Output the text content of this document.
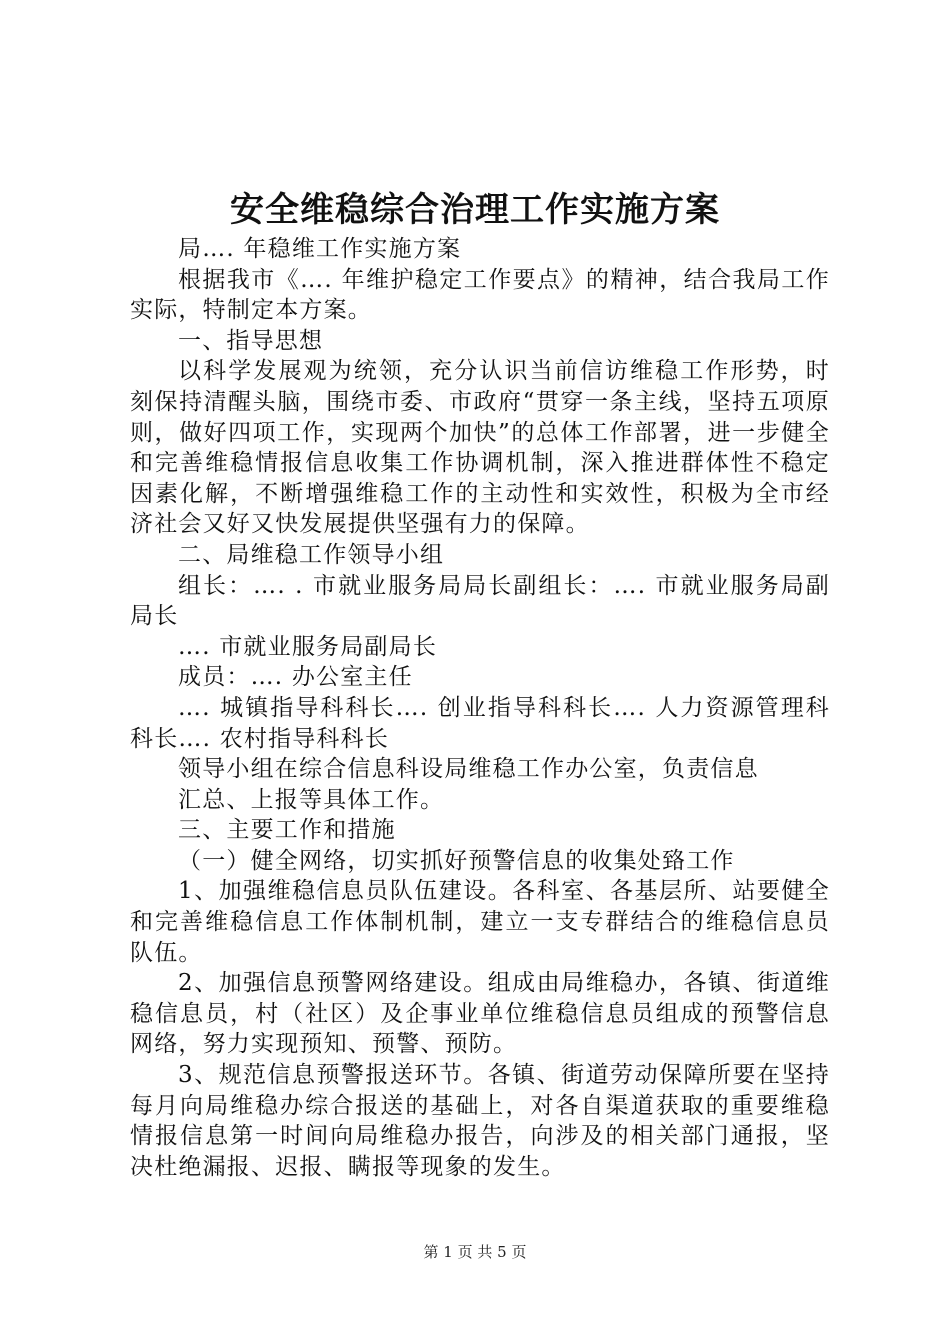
安全维稳综合治理工作实施方案

局…. 年稳维工作实施方案

根据我市《…. 年维护稳定工作要点》的精神，结合我局工作实际，特制定本方案。

一、指导思想

以科学发展观为统领，充分认识当前信访维稳工作形势，时刻保持清醒头脑，围绕市委、市政府“贯穿一条主线，坚持五项原则，做好四项工作，实现两个加快”的总体工作部署，进一步健全和完善维稳情报信息收集工作协调机制，深入推进群体性不稳定因素化解，不断增强维稳工作的主动性和实效性，积极为全市经济社会又好又快发展提供坚强有力的保障。

二、局维稳工作领导小组

组长：…. . 市就业服务局局长副组长：…. 市就业服务局副局长

…. 市就业服务局副局长

成员：…. 办公室主任

…. 城镇指导科科长…. 创业指导科科长…. 人力资源管理科科长…. 农村指导科科长

领导小组在综合信息科设局维稳工作办公室，负责信息

汇总、上报等具体工作。

三、主要工作和措施

（一）健全网络，切实抓好预警信息的收集处臵工作

1、加强维稳信息员队伍建设。各科室、各基层所、站要健全和完善维稳信息工作体制机制，建立一支专群结合的维稳信息员队伍。

2、加强信息预警网络建设。组成由局维稳办，各镇、街道维稳信息员，村（社区）及企事业单位维稳信息员组成的预警信息网络，努力实现预知、预警、预防。

3、规范信息预警报送环节。各镇、街道劳动保障所要在坚持每月向局维稳办综合报送的基础上，对各自渠道获取的重要维稳情报信息第一时间向局维稳办报告，向涉及的相关部门通报，坚决杜绝漏报、迟报、瞒报等现象的发生。

第 1 页 共 5 页
